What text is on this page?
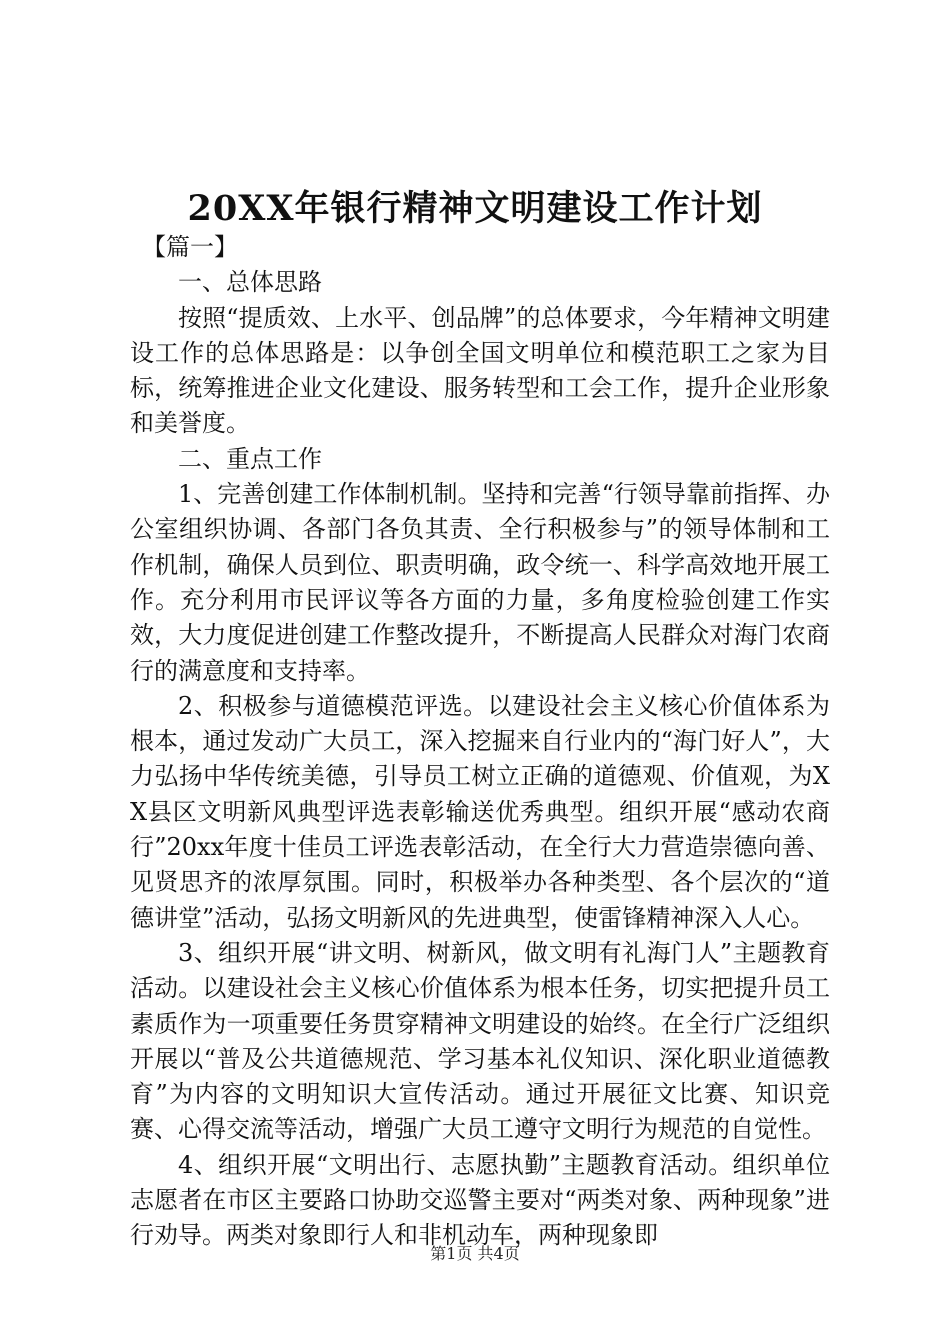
20XX年银行精神文明建设工作计划

【篇一】

一、总体思路

按照“提质效、上水平、创品牌”的总体要求，今年精神文明建设工作的总体思路是：以争创全国文明单位和模范职工之家为目标，统筹推进企业文化建设、服务转型和工会工作，提升企业形象和美誉度。

二、重点工作

1、完善创建工作体制机制。坚持和完善“行领导靠前指挥、办公室组织协调、各部门各负其责、全行积极参与”的领导体制和工作机制，确保人员到位、职责明确，政令统一、科学高效地开展工作。充分利用市民评议等各方面的力量，多角度检验创建工作实效，大力度促进创建工作整改提升，不断提高人民群众对海门农商行的满意度和支持率。

2、积极参与道德模范评选。以建设社会主义核心价值体系为根本，通过发动广大员工，深入挖掘来自行业内的“海门好人”，大力弘扬中华传统美德，引导员工树立正确的道德观、价值观，为XX县区文明新风典型评选表彰输送优秀典型。组织开展“感动农商行”20xx年度十佳员工评选表彰活动，在全行大力营造崇德向善、见贤思齐的浓厚氛围。同时，积极举办各种类型、各个层次的“道德讲堂”活动，弘扬文明新风的先进典型，使雷锋精神深入人心。

3、组织开展“讲文明、树新风，做文明有礼海门人”主题教育活动。以建设社会主义核心价值体系为根本任务，切实把提升员工素质作为一项重要任务贯穿精神文明建设的始终。在全行广泛组织开展以“普及公共道德规范、学习基本礼仪知识、深化职业道德教育”为内容的文明知识大宣传活动。通过开展征文比赛、知识竞赛、心得交流等活动，增强广大员工遵守文明行为规范的自觉性。

4、组织开展“文明出行、志愿执勤”主题教育活动。组织单位志愿者在市区主要路口协助交巡警主要对“两类对象、两种现象”进行劝导。两类对象即行人和非机动车，两种现象即

第1页 共4页
